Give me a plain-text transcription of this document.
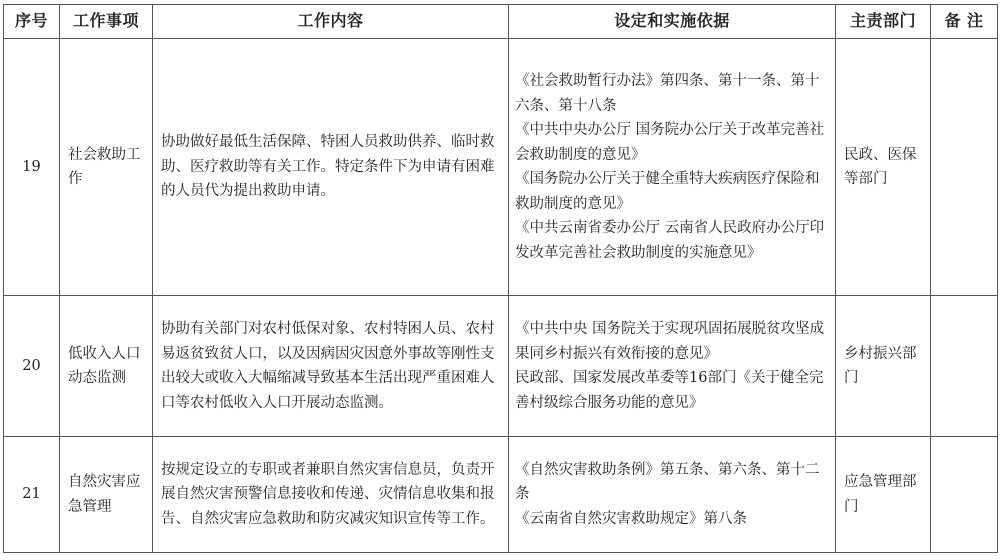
序号	工作事项	工作内容	设定和实施依据	主责部门	备 注
19	社会救助工作	协助做好最低生活保障、特困人员救助供养、临时救助、医疗救助等有关工作。特定条件下为申请有困难的人员代为提出救助申请。	《社会救助暂行办法》第四条、第十一条、第十六条、第十八条
《中共中央办公厅 国务院办公厅关于改革完善社会救助制度的意见》
《国务院办公厅关于健全重特大疾病医疗保险和救助制度的意见》
《中共云南省委办公厅 云南省人民政府办公厅印发改革完善社会救助制度的实施意见》	民政、医保等部门	
20	低收入人口动态监测	协助有关部门对农村低保对象、农村特困人员、农村易返贫致贫人口，以及因病因灾因意外事故等刚性支出较大或收入大幅缩减导致基本生活出现严重困难人口等农村低收入人口开展动态监测。	《中共中央 国务院关于实现巩固拓展脱贫攻坚成果同乡村振兴有效衔接的意见》
民政部、国家发展改革委等16部门《关于健全完善村级综合服务功能的意见》	乡村振兴部门	
21	自然灾害应急管理	按规定设立的专职或者兼职自然灾害信息员，负责开展自然灾害预警信息接收和传递、灾情信息收集和报告、自然灾害应急救助和防灾减灾知识宣传等工作。	《自然灾害救助条例》第五条、第六条、第十二条
《云南省自然灾害救助规定》第八条	应急管理部门	
